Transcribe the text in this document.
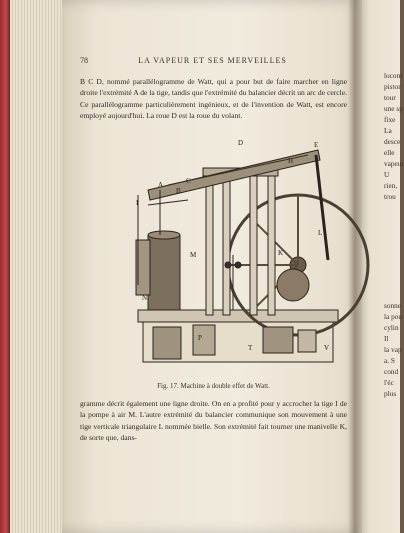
78	LA VAPEUR ET SES MERVEILLES
B C D, nommé parallélogramme de Watt, qui a pour but de faire marcher en ligne droite l'extrémité A de la tige, tandis que l'extrémité du balancier décrit un arc de cercle. Ce parallélogramme particulièrement ingénieux, et de l'invention de Watt, est encore employé aujourd'hui. La roue D est la roue du volant.
E
D
H
A
B
C
I
K
L
M
N
P
T	V
Fig. 17. Machine à double effet de Watt.
gramme décrit également une ligne droite. On en a profité pour y accrocher la tige I de la pompe à air M. L'autre extrémité du balancier communique son mouvement à une tige verticale triangulaire L nommée bielle. Son extrémité fait tourner une manivelle K, de sorte que, dans-
locom
pistor
tour
une sp
fixe
La
desce
elle
vapeur
U
rien,
trou
sonne
la pou
cylin
Il
la vap
a. S
cond
l'éc
plus
